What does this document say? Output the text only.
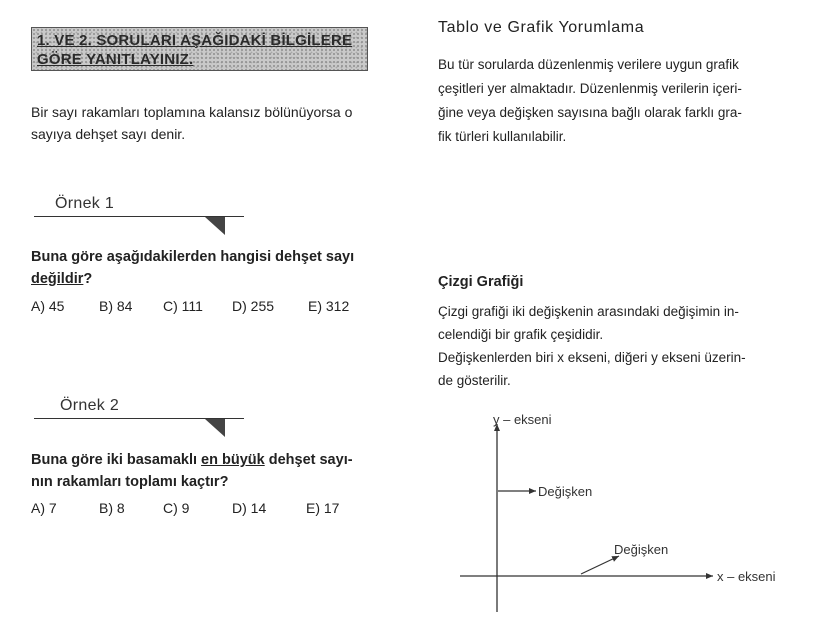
1. VE 2. SORULARI AŞAĞIDAKİ BİLGİLERE
GÖRE YANITLAYINIZ.
Bir sayı rakamları toplamına kalansız bölünüyorsa o
sayıya dehşet sayı denir.
Örnek 1
Buna göre aşağıdakilerden hangisi dehşet sayı
değildir?
A) 45 B) 84 C) 111 D) 255 E) 312
Örnek 2
Buna göre iki basamaklı en büyük dehşet sayı-
nın rakamları toplamı kaçtır?
A) 7	B) 8	C) 9	D) 14	E) 17
Tablo ve Grafik Yorumlama
Bu tür sorularda düzenlenmiş verilere uygun grafik
çeşitleri yer almaktadır. Düzenlenmiş verilerin içeri-
ğine veya değişken sayısına bağlı olarak farklı gra-
fik türleri kullanılabilir.
Çizgi Grafiği
Çizgi grafiği iki değişkenin arasındaki değişimin in-
celendiği bir grafik çeşididir.
Değişkenlerden biri x ekseni, diğeri y ekseni üzerin-
de gösterilir.
y – ekseni
x – ekseni
Değişken
Değişken
